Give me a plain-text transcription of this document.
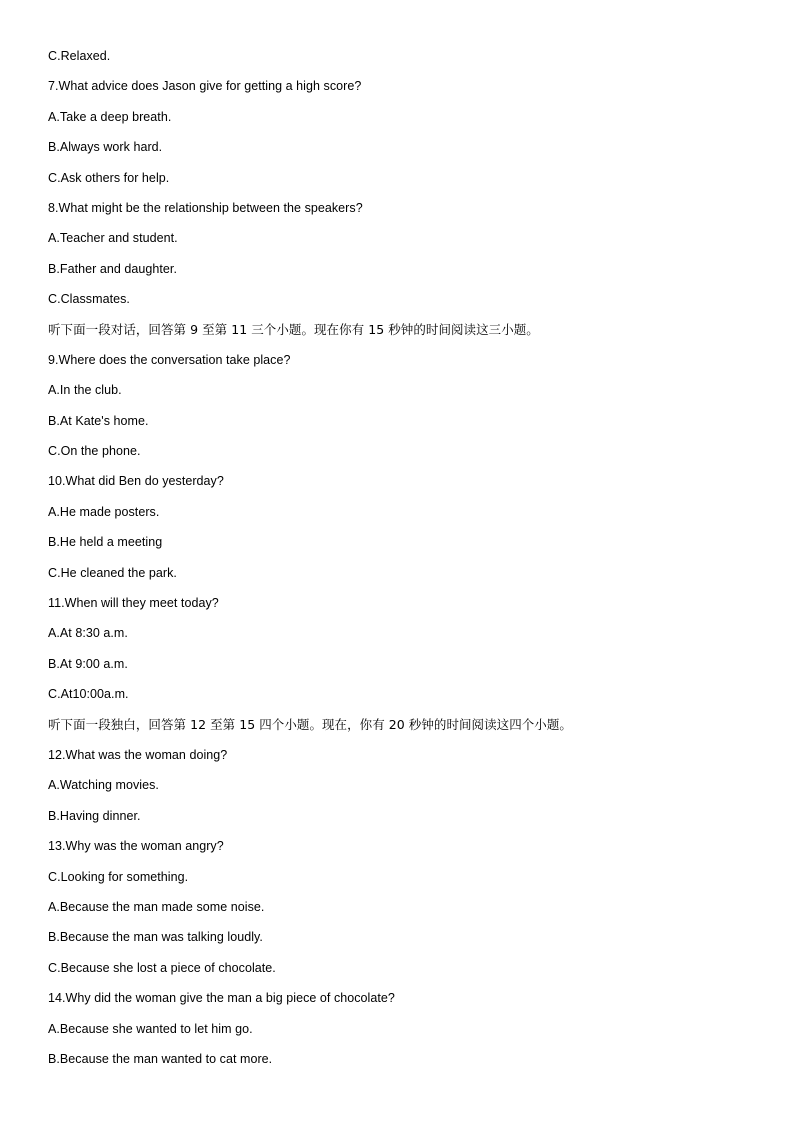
C.Relaxed.
7.What advice does Jason give for getting a high score?
A.Take a deep breath.
B.Always work hard.
C.Ask others for help.
8.What might be the relationship between the speakers?
A.Teacher and student.
B.Father and daughter.
C.Classmates.
听下面一段对话，回答第 9 至第 11 三个小题。现在你有 15 秒钟的时间阅读这三小题。
9.Where does the conversation take place?
A.In the club.
B.At Kate's home.
C.On the phone.
10.What did Ben do yesterday?
A.He made posters.
B.He held a meeting
C.He cleaned the park.
11.When will they meet today?
A.At 8:30 a.m.
B.At 9:00 a.m.
C.At10:00a.m.
听下面一段独白，回答第 12 至第 15 四个小题。现在，你有 20 秒钟的时间阅读这四个小题。
12.What was the woman doing?
A.Watching movies.
B.Having dinner.
13.Why was the woman angry?
C.Looking for something.
A.Because the man made some noise.
B.Because the man was talking loudly.
C.Because she lost a piece of chocolate.
14.Why did the woman give the man a big piece of chocolate?
A.Because she wanted to let him go.
B.Because the man wanted to cat more.
